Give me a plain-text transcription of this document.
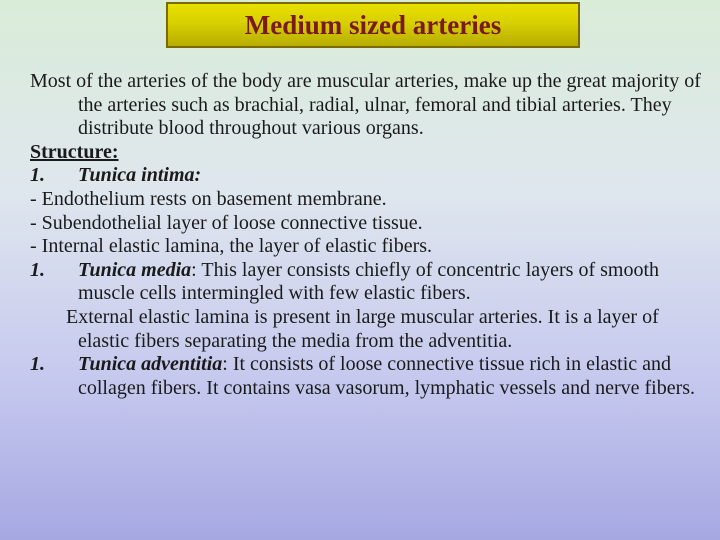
Medium sized arteries
Most of the arteries of the body are muscular arteries, make up the great majority of the arteries such as brachial, radial, ulnar, femoral and tibial arteries. They distribute blood throughout various organs.
Structure:
1. Tunica intima:
- Endothelium rests on basement membrane.
- Subendothelial layer of loose connective tissue.
- Internal elastic lamina, the layer of elastic fibers.
1. Tunica media: This layer consists chiefly of concentric layers of smooth muscle cells intermingled with few elastic fibers.
External elastic lamina is present in large muscular arteries. It is a layer of elastic fibers separating the media from the adventitia.
1. Tunica adventitia: It consists of loose connective tissue rich in elastic and collagen fibers. It contains vasa vasorum, lymphatic vessels and nerve fibers.
